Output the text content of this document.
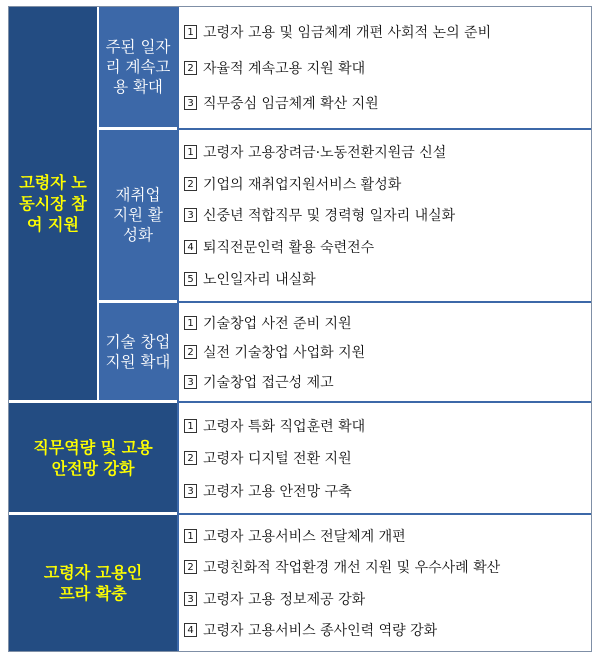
고령자 노동시장 참여 지원
주된 일자리 계속고용 확대
1 고령자 고용 및 임금체계 개편 사회적 논의 준비
2 자율적 계속고용 지원 확대
3 직무중심 임금체계 확산 지원
재취업 지원 활성화
1 고령자 고용장려금·노동전환지원금 신설
2 기업의 재취업지원서비스 활성화
3 신중년 적합직무 및 경력형 일자리 내실화
4 퇴직전문인력 활용 숙련전수
5 노인일자리 내실화
기술 창업지원 확대
1 기술창업 사전 준비 지원
2 실전 기술창업 사업화 지원
3 기술창업 접근성 제고
직무역량 및 고용안전망 강화
1 고령자 특화 직업훈련 확대
2 고령자 디지털 전환 지원
3 고령자 고용 안전망 구축
고령자 고용인프라 확충
1 고령자 고용서비스 전달체계 개편
2 고령친화적 작업환경 개선 지원 및 우수사례 확산
3 고령자 고용 정보제공 강화
4 고령자 고용서비스 종사인력 역량 강화
